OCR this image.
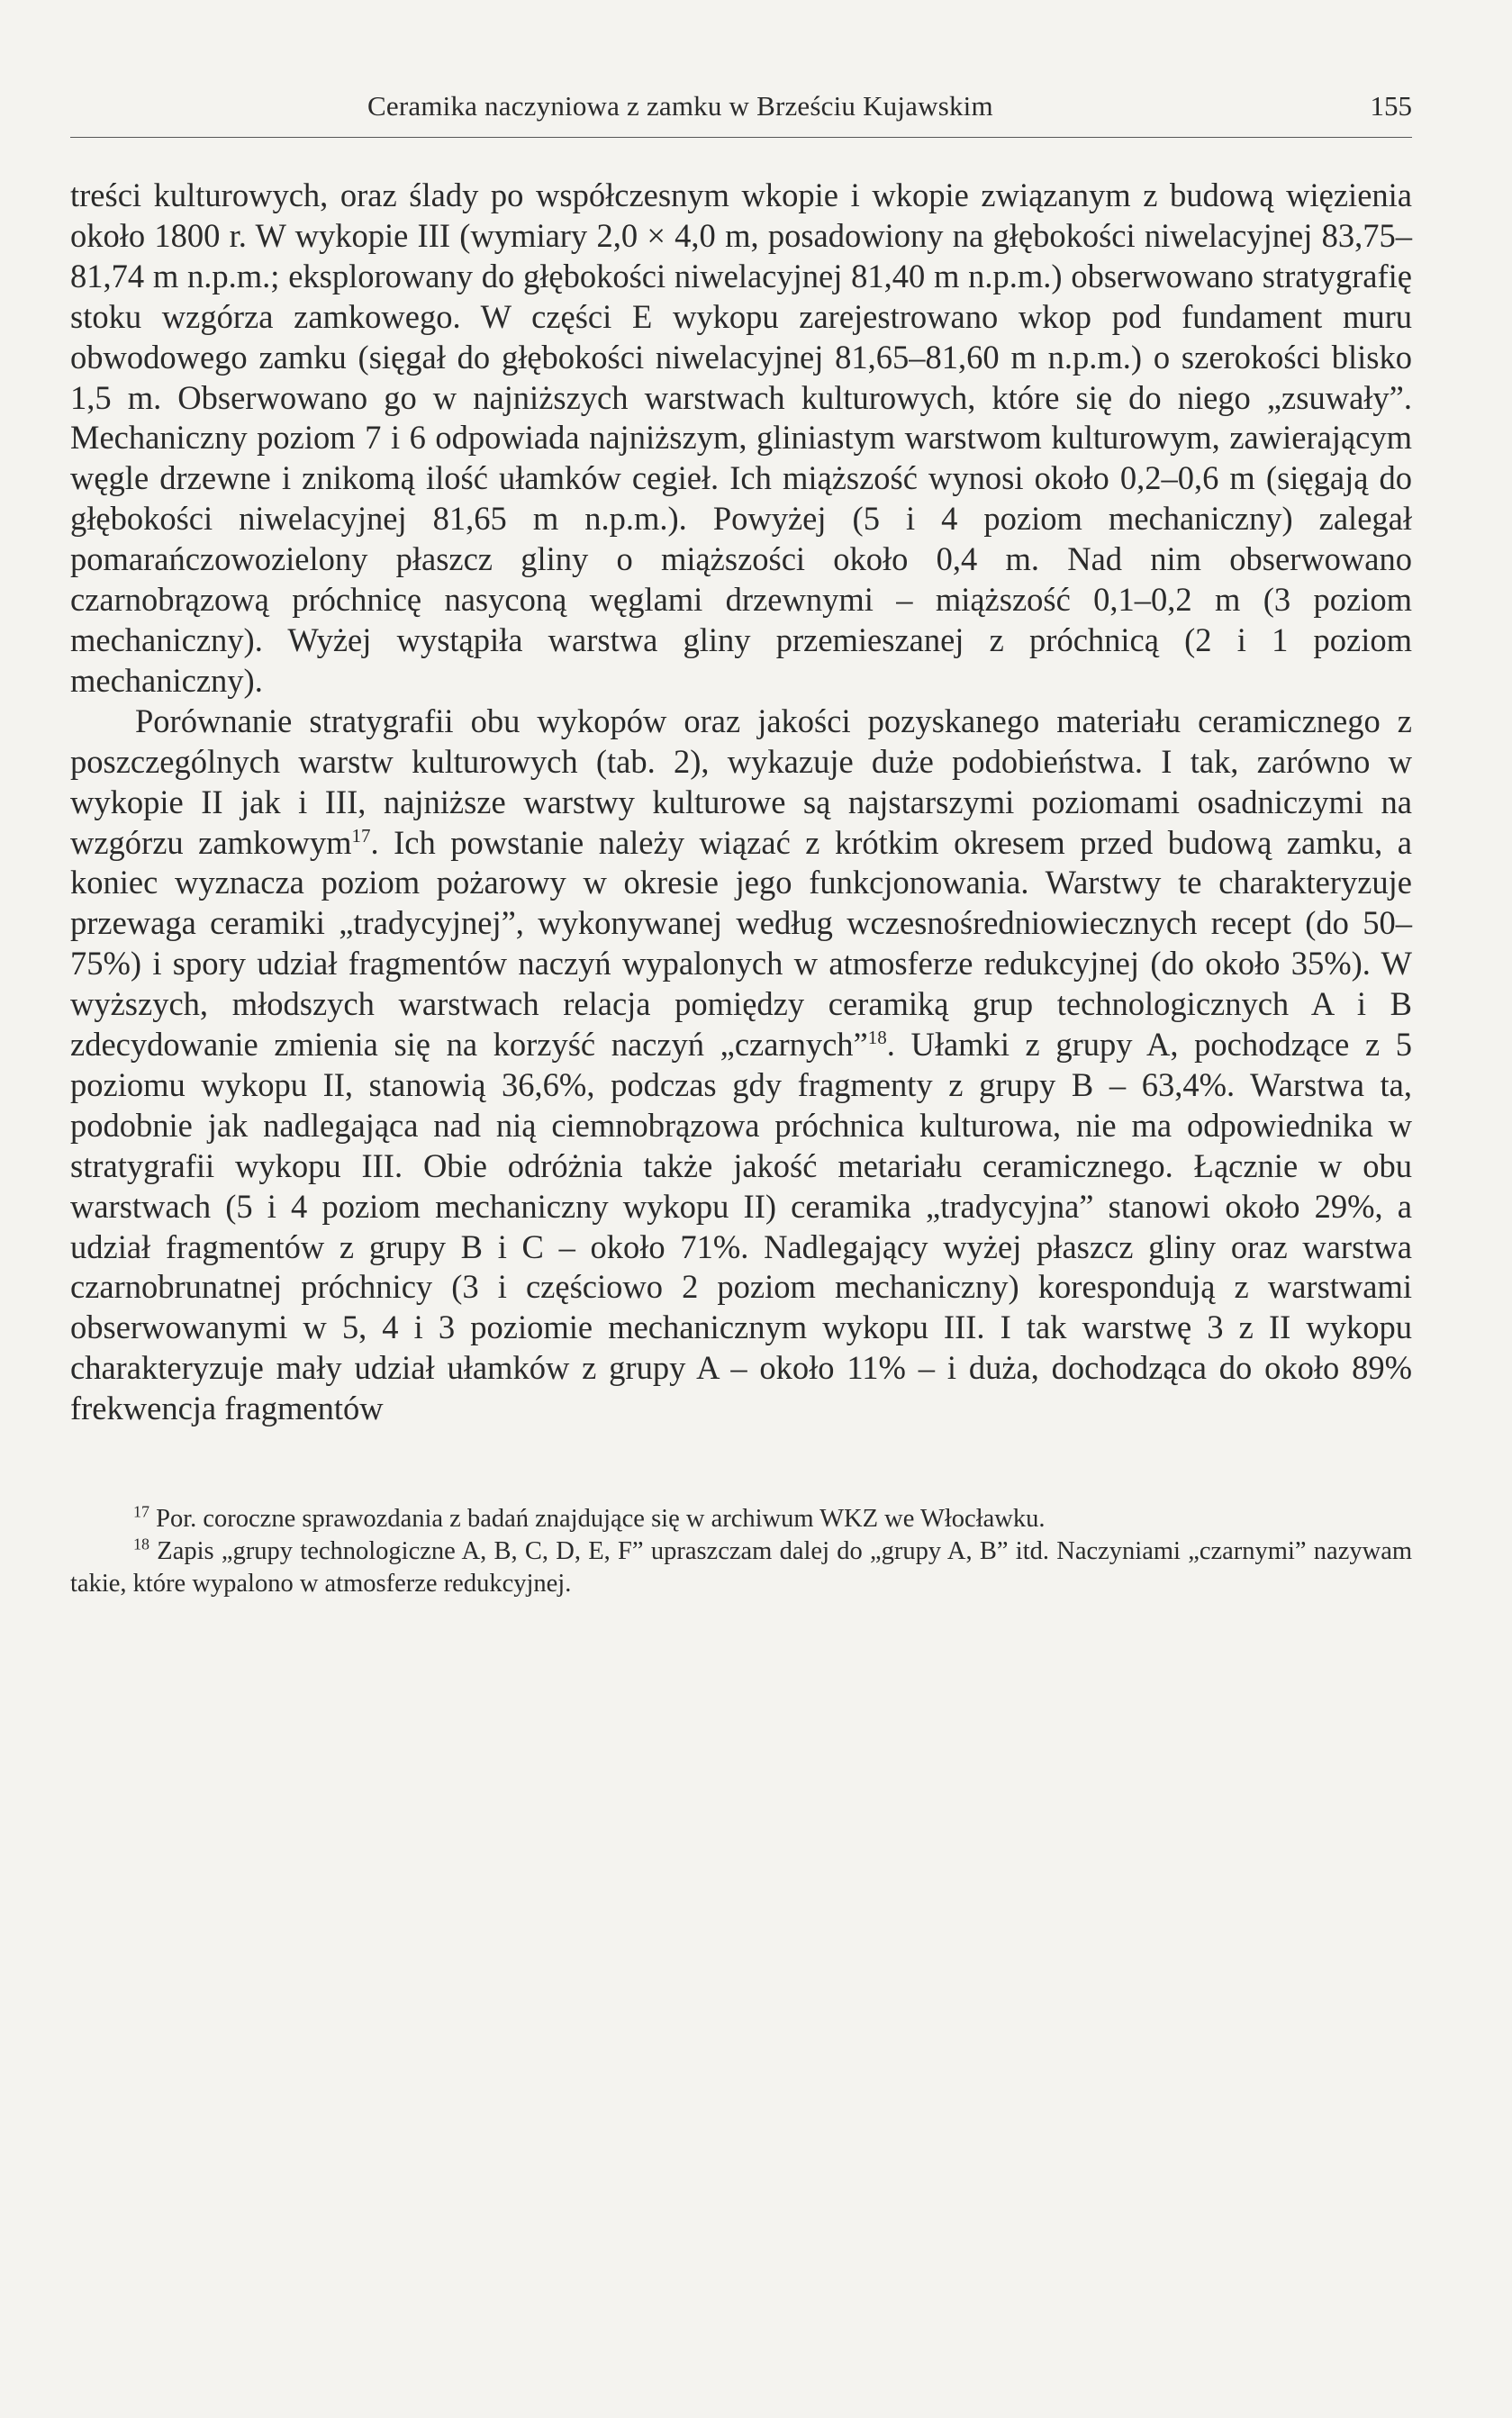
Ceramika naczyniowa z zamku w Brześciu Kujawskim	155

treści kulturowych, oraz ślady po współczesnym wkopie i wkopie związanym z budową więzienia około 1800 r. W wykopie III (wymiary 2,0 × 4,0 m, posadowiony na głębokości niwelacyjnej 83,75–81,74 m n.p.m.; eksplorowany do głębokości niwelacyjnej 81,40 m n.p.m.) obserwowano stratygrafię stoku wzgórza zamkowego. W części E wykopu zarejestrowano wkop pod fundament muru obwodowego zamku (sięgał do głębokości niwelacyjnej 81,65–81,60 m n.p.m.) o szerokości blisko 1,5 m. Obserwowano go w najniższych warstwach kulturowych, które się do niego „zsuwały”. Mechaniczny poziom 7 i 6 odpowiada najniższym, gliniastym warstwom kulturowym, zawierającym węgle drzewne i znikomą ilość ułamków cegieł. Ich miąższość wynosi około 0,2–0,6 m (sięgają do głębokości niwelacyjnej 81,65 m n.p.m.). Powyżej (5 i 4 poziom mechaniczny) zalegał pomarańczowozielony płaszcz gliny o miąższości około 0,4 m. Nad nim obserwowano czarnobrązową próchnicę nasyconą węglami drzewnymi – miąższość 0,1–0,2 m (3 poziom mechaniczny). Wyżej wystąpiła warstwa gliny przemieszanej z próchnicą (2 i 1 poziom mechaniczny).

Porównanie stratygrafii obu wykopów oraz jakości pozyskanego materiału ceramicznego z poszczególnych warstw kulturowych (tab. 2), wykazuje duże podobieństwa. I tak, zarówno w wykopie II jak i III, najniższe warstwy kulturowe są najstarszymi poziomami osadniczymi na wzgórzu zamkowym$^{17}$. Ich powstanie należy wiązać z krótkim okresem przed budową zamku, a koniec wyznacza poziom pożarowy w okresie jego funkcjonowania. Warstwy te charakteryzuje przewaga ceramiki „tradycyjnej”, wykonywanej według wczesnośredniowiecznych recept (do 50–75%) i spory udział fragmentów naczyń wypalonych w atmosferze redukcyjnej (do około 35%). W wyższych, młodszych warstwach relacja pomiędzy ceramiką grup technologicznych A i B zdecydowanie zmienia się na korzyść naczyń „czarnych”$^{18}$. Ułamki z grupy A, pochodzące z 5 poziomu wykopu II, stanowią 36,6%, podczas gdy fragmenty z grupy B – 63,4%. Warstwa ta, podobnie jak nadlegająca nad nią ciemnobrązowa próchnica kulturowa, nie ma odpowiednika w stratygrafii wykopu III. Obie odróżnia także jakość metariału ceramicznego. Łącznie w obu warstwach (5 i 4 poziom mechaniczny wykopu II) ceramika „tradycyjna” stanowi około 29%, a udział fragmentów z grupy B i C – około 71%. Nadlegający wyżej płaszcz gliny oraz warstwa czarnobrunatnej próchnicy (3 i częściowo 2 poziom mechaniczny) korespondują z warstwami obserwowanymi w 5, 4 i 3 poziomie mechanicznym wykopu III. I tak warstwę 3 z II wykopu charakteryzuje mały udział ułamków z grupy A – około 11% – i duża, dochodząca do około 89% frekwencja fragmentów

$^{17}$ Por. coroczne sprawozdania z badań znajdujące się w archiwum WKZ we Włocławku.

$^{18}$ Zapis „grupy technologiczne A, B, C, D, E, F” upraszczam dalej do „grupy A, B” itd. Naczyniami „czarnymi” nazywam takie, które wypalono w atmosferze redukcyjnej.
